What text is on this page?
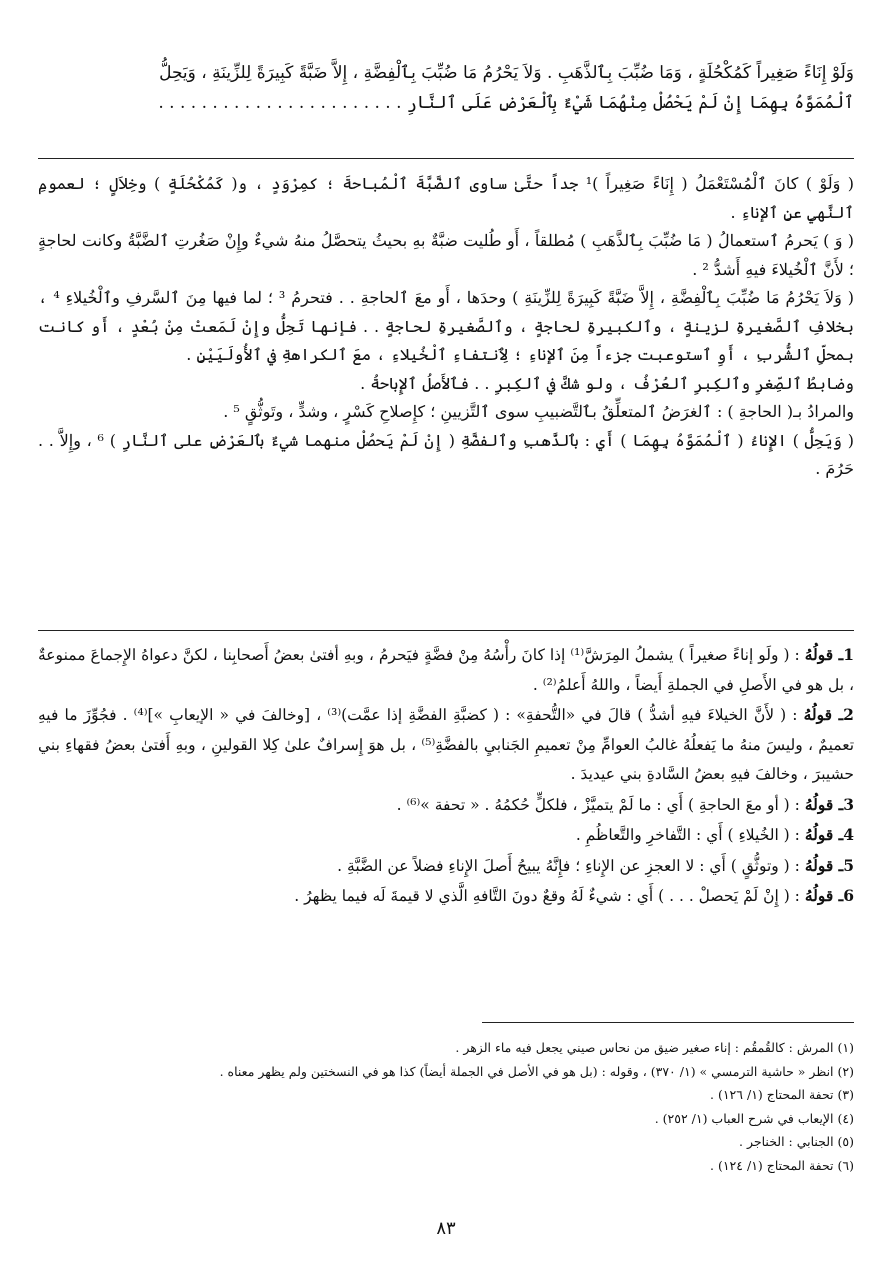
وَلَوْ إِنَاءً صَغِيراً كَمُكْحُلَةٍ ، وَمَا ضُبِّبَ بِٱلذَّهَبِ . وَلاَ يَحْرُمُ مَا ضُبِّبَ بِٱلْفِضَّةِ ، إِلاَّ ضَبَّةً كَبِيرَةً لِلزِّينَةِ ، وَيَحِلُّ

ٱلْمُمَوَّهُ بِهِمَا إِنْ لَمْ يَحْصُلْ مِنْهُمَا شَيْءٌ بِٱلْعَرْضِ عَلَى ٱلنَّارِ . . . . . . . . . . . . . . . . . . . . . . .

( وَلَوْ ) كانَ ٱلْمُسْتَعْمَلُ ( إِنَاءً صَغِيراً )¹ جداً حتَّىٰ ساوى ٱلضَّبَّةَ ٱلْمُباحةَ ؛ كمِرْوَدٍ ، و( كَمُكْحُلَةٍ ) وخِلاَلٍ ؛ لعمومِ ٱلنَّهيِ عنِ ٱلإناءِ .

( وَ ) يَحرمُ ٱستعمالُ ( مَا ضُبِّبَ بِٱلذَّهَبِ ) مُطلقاً ، أَو طُليت ضبَّةٌ بهِ بحيثُ يتحصَّلُ منهُ شيءٌ وإِنْ صَغُرتِ ٱلضَّبَّةُ وكانت لحاجةٍ ؛ لأَنَّ ٱلْخُيلاءَ فيهِ أَشدُّ ² .

( وَلاَ يَحْرُمُ مَا ضُبِّبَ بِٱلْفِضَّةِ ، إِلاَّ ضَبَّةً كَبِيرَةً لِلزِّينَةِ ) وحدَها ، أَو معَ ٱلحاجةِ . . فتحرمُ ³ ؛ لما فيها مِنَ ٱلسَّرفِ وٱلْخُيلاءِ ⁴ ، بخلافِ ٱلصَّغيرةِ لزينةٍ ، وٱلكبيرةِ لحاجةٍ ، وٱلصَّغيرةِ لحاجةٍ . . فإنها تَحِلُّ وإِنْ لَمَعتْ مِنْ بُعْدٍ ، أَو كانت بمحلِّ ٱلشُّربِ ، أَوِ ٱستوعبت جزءاً مِنَ ٱلإناءِ ؛ لِٱنتفاءِ ٱلْخُيلاءِ ، معَ ٱلكراهةِ في ٱلأُولَيَيْنِ .

وضابطُ ٱلصِّغرِ وٱلكِبرِ ٱلعُرْفُ ، ولو شكَّ في ٱلكِبرِ . . فٱلأَصلُ ٱلإِباحةُ .

والمرادُ بـ( الحاجةِ ) : ٱلغرَضُ ٱلمتعلِّقُ بٱلتَّضبيبِ سوى ٱلتَّزيينِ ؛ كإِصلاحِ كَسْرٍ ، وشدٍّ ، وتَوثُّقٍ ⁵ .

( وَيَحِلُّ ) الإِناءُ ( ٱلْمُمَوَّهُ بِهِمَا ) أَي : بٱلذَّهبِ وٱلفضَّةِ ( إِنْ لَمْ يَحصُلْ منهما شيءٌ بٱلعَرْضِ على ٱلنَّارِ ) ⁶ ، وإِلاَّ . . حَرُمَ .

1ـ قولُهُ : ( ولَو إناءً صغيراً ) يشملُ المِرَشَّ⁽¹⁾ إذا كانَ رأْسُهُ مِنْ فضَّةٍ فيَحرمُ ، وبهِ أفتىٰ بعضُ أَصحابِنا ، لكنَّ دعواهُ الإِجماعَ ممنوعةٌ ، بل هو في الأَصلِ في الجملةِ أَيضاً ، واللهُ أَعلمُ⁽²⁾ .

2ـ قولُهُ : ( لأَنَّ الخيلاءَ فيهِ أشدُّ ) قالَ في «التُّحفةِ» : ( كضبَّةِ الفضَّةِ إذا عمَّت)⁽³⁾ ، [وخالفَ في « الإيعابِ »]⁽⁴⁾ . فجُوِّزَ ما فيهِ تعميمٌ ، وليسَ منهُ ما يَفعلُهُ غالبُ العوامِّ مِنْ تعميمِ الجَنابيِ بالفضَّةِ⁽⁵⁾ ، بل هوَ إِسرافٌ علىٰ كِلا القولينِ ، وبهِ أَفتىٰ بعضُ فقهاءِ بني حشيبرَ ، وخالفَ فيهِ بعضُ السَّادةِ بني عيديدَ .

3ـ قولُهُ : ( أو معَ الحاجةِ ) أَي : ما لَمْ يتميَّزْ ، فلكلٍّ حُكمُهُ . « تحفة »⁽⁶⁾ .

4ـ قولُهُ : ( الخُيلاءِ ) أَي : التَّفاخرِ والتَّعاظُمِ .

5ـ قولُهُ : ( وتوثُّقٍ ) أَي : لا العجزِ عن الإِناءِ ؛ فإِنَّهُ يبيحُ أَصلَ الإِناءِ فضلاً عن الضَّبَّةِ .

6ـ قولُهُ : ( إِنْ لَمْ يَحصلْ . . . ) أَي : شيءٌ لَهُ وقعٌ دونَ التَّافهِ الَّذي لا قيمةَ لَه فيما يظهرُ .

(١) المرش : كالقُمقُم : إناء صغير ضيق من نحاس صيني يجعل فيه ماء الزهر .

(٢) انظر « حاشية الترمسي » (١/ ٣٧٠) ، وقوله : (بل هو في الأصل في الجملة أيضاً) كذا هو في النسختين ولم يظهر معناه .

(٣) تحفة المحتاج (١/ ١٢٦) .

(٤) الإيعاب في شرح العباب (١/ ٢٥٢) .

(٥) الجنابي : الخناجر .

(٦) تحفة المحتاج (١/ ١٢٤) .

٨٣
